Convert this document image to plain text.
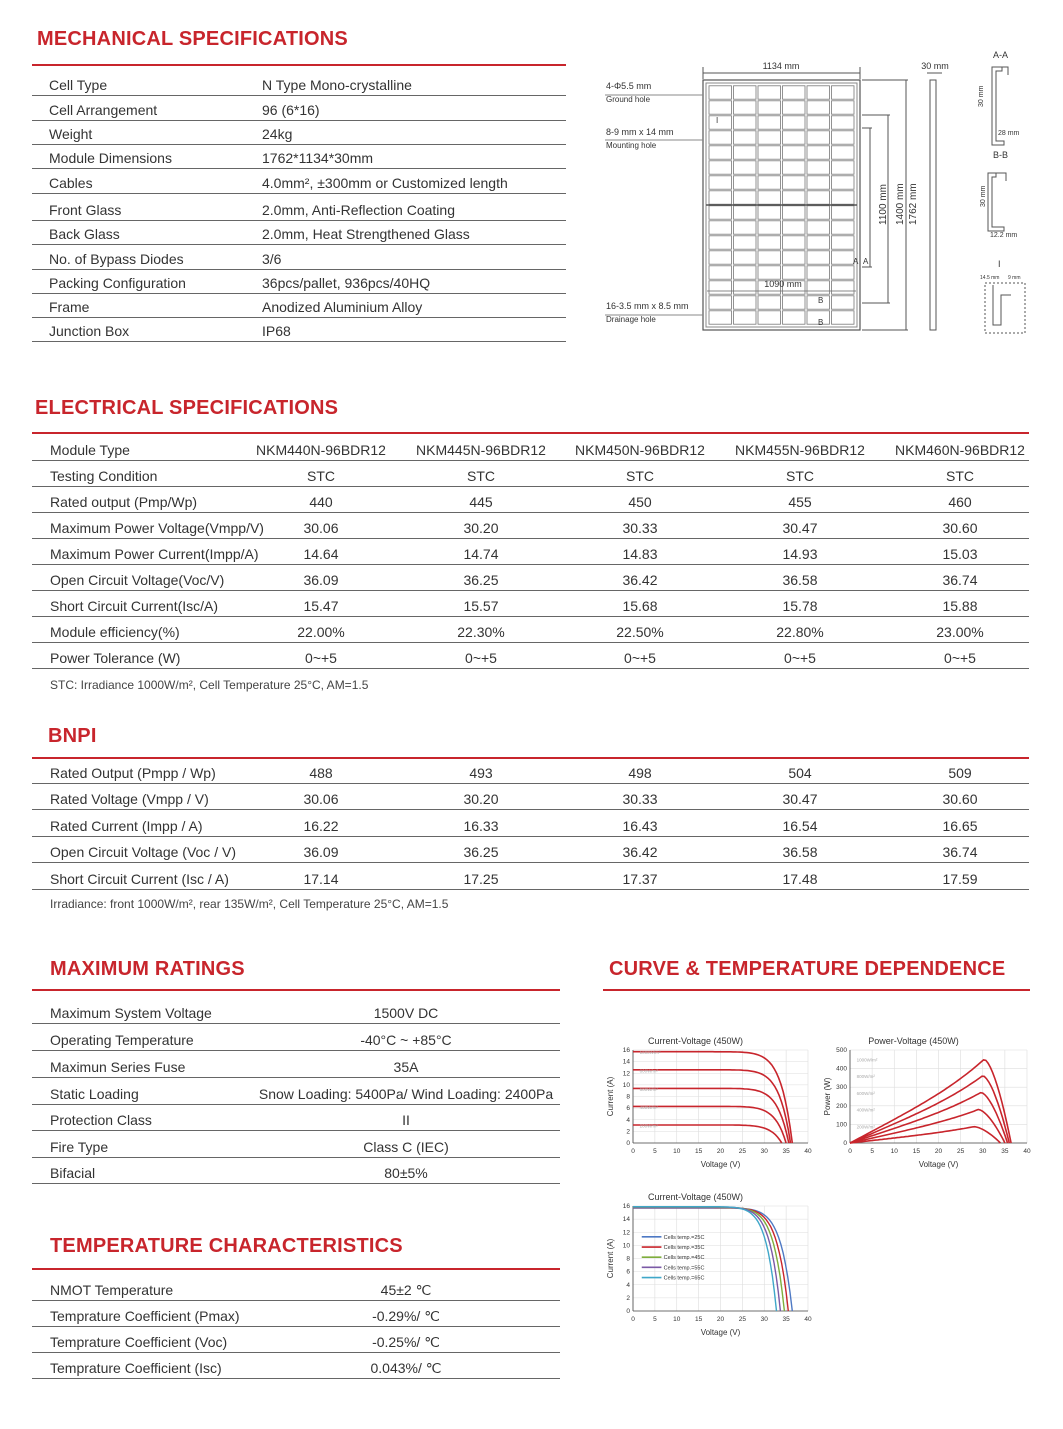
MECHANICAL SPECIFICATIONS
Cell Type	N Type Mono-crystalline
Cell Arrangement	96 (6*16)
Weight	24kg
Module Dimensions	1762*1134*30mm
Cables	4.0mm², ±300mm or Customized length
Front Glass	2.0mm, Anti-Reflection Coating
Back Glass	2.0mm, Heat Strengthened Glass
No. of Bypass Diodes	3/6
Packing Configuration	36pcs/pallet, 936pcs/40HQ
Frame	Anodized Aluminium Alloy
Junction Box	IP68
1134 mm	30 mm
1090 mm
4-Φ5.5 mm
Ground hole
8-9 mm x 14 mm
Mounting hole
16-3.5 mm x 8.5 mm
Drainage hole
I
A A
B
B
1100 mm 1400 mm 1762 mm
A-A
30 mm
28 mm
B-B
30 mm
12.2 mm
I
14.5 mm 9 mm
ELECTRICAL SPECIFICATIONS
Module Type	NKM440N-96BDR12	NKM445N-96BDR12	NKM450N-96BDR12	NKM455N-96BDR12	NKM460N-96BDR12
Testing Condition	STC	STC	STC	STC	STC
Rated output (Pmp/Wp)	440	445	450	455	460
Maximum Power Voltage(Vmpp/V)	30.06	30.20	30.33	30.47	30.60
Maximum Power Current(Impp/A)	14.64	14.74	14.83	14.93	15.03
Open Circuit Voltage(Voc/V)	36.09	36.25	36.42	36.58	36.74
Short Circuit Current(Isc/A)	15.47	15.57	15.68	15.78	15.88
Module efficiency(%)	22.00%	22.30%	22.50%	22.80%	23.00%
Power Tolerance (W)	0~+5	0~+5	0~+5	0~+5	0~+5
STC: Irradiance 1000W/m², Cell Temperature 25°C, AM=1.5
BNPI
Rated Output (Pmpp / Wp)	488	493	498	504	509
Rated Voltage (Vmpp / V)	30.06	30.20	30.33	30.47	30.60
Rated Current (Impp / A)	16.22	16.33	16.43	16.54	16.65
Open Circuit Voltage (Voc / V)	36.09	36.25	36.42	36.58	36.74
Short Circuit Current (Isc / A)	17.14	17.25	17.37	17.48	17.59
Irradiance: front 1000W/m², rear 135W/m², Cell Temperature 25°C, AM=1.5
MAXIMUM RATINGS
Maximum System Voltage	1500V DC
Operating Temperature	-40°C ~ +85°C
Maximun Series Fuse	35A
Static Loading	Snow Loading: 5400Pa/ Wind Loading: 2400Pa
Protection Class	II
Fire Type	Class C (IEC)
Bifacial	80±5%
TEMPERATURE CHARACTERISTICS
NMOT Temperature	45±2 ℃
Temprature Coefficient (Pmax)	-0.29%/ ℃
Temprature Coefficient (Voc)	-0.25%/ ℃
Temprature Coefficient (Isc)	0.043%/ ℃
CURVE & TEMPERATURE DEPENDENCE
0	5	10 15 20 25 30 35 40
0
2
4
6
8
10
12
14
16
Current-Voltage (450W)
Voltage (V)
Current (A)
1000W/m²
800W/m²
600W/m²
400W/m²
200W/m²
0	5	10 15 20 25 30 35 40
0
100
200
300
400
500
Power-Voltage (450W)
Voltage (V)
Power (W)
1000W/m²
800W/m²
600W/m²
400W/m²
200W/m²
0	5	10 15 20 25 30 35 40
0
2
4
6
8
10
12
14
16
Current-Voltage (450W)
Voltage (V)
Current (A)
Cells temp.=25C
Cells temp.=35C
Cells temp.=45C
Cells temp.=55C
Cells temp.=65C
